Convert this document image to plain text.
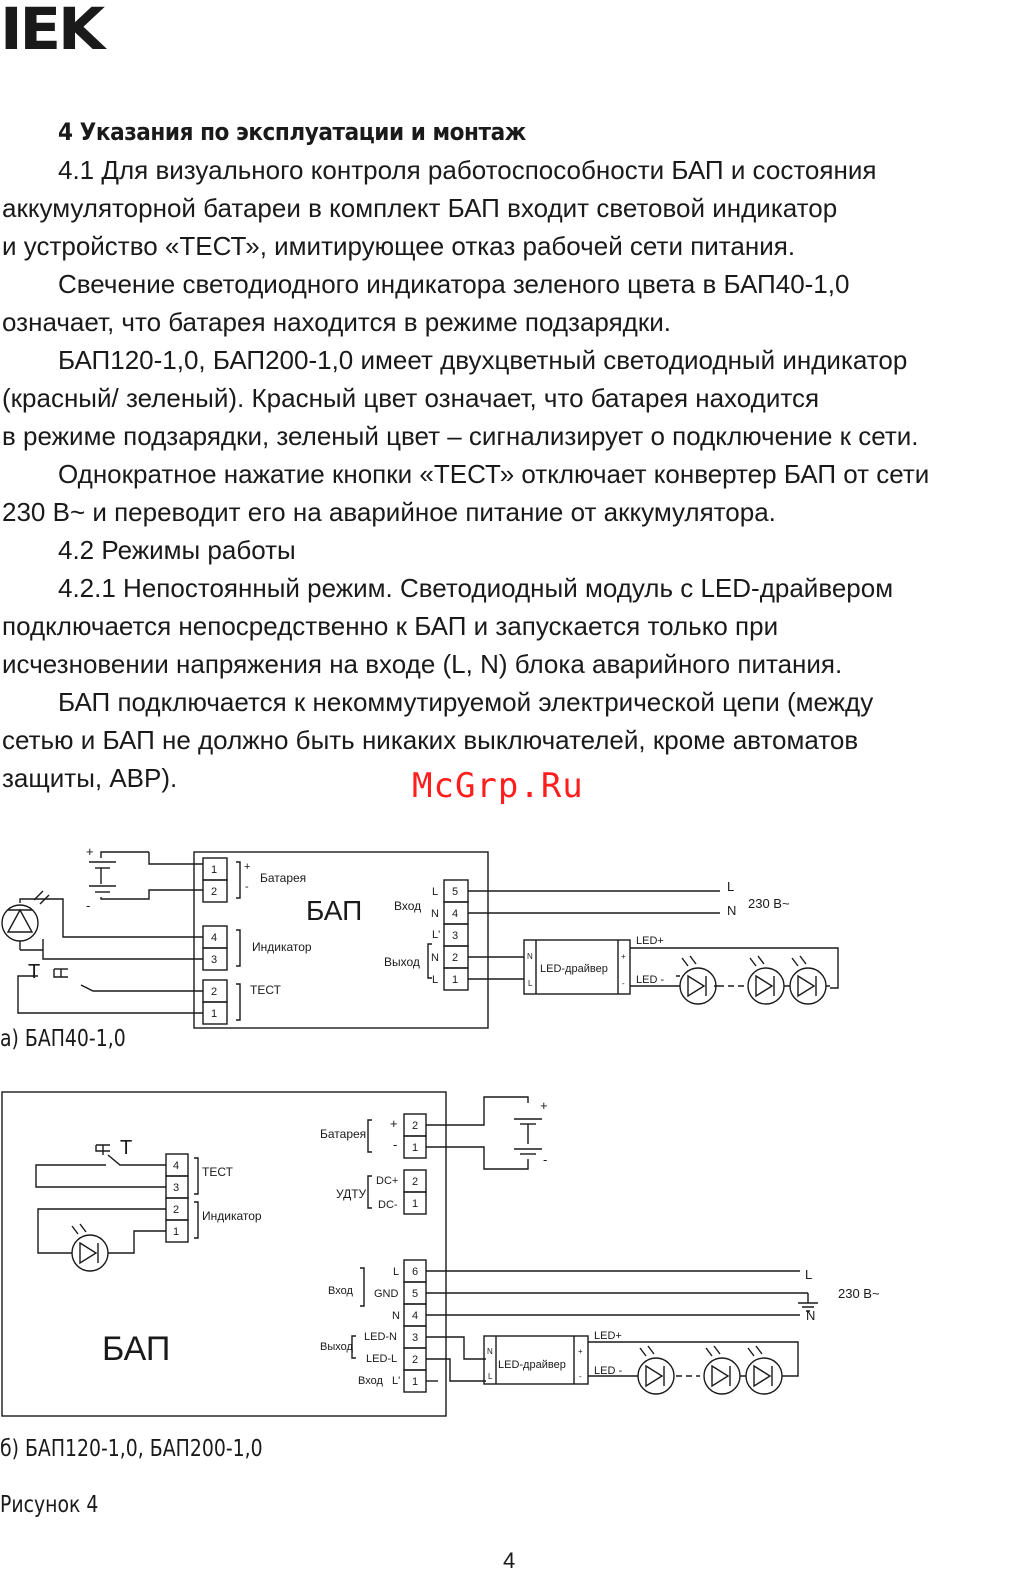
IEK
4 Указания по эксплуатации и монтаж
4.1 Для визуального контроля работоспособности БАП и состояния
аккумуляторной батареи в комплект БАП входит световой индикатор
и устройство «ТЕСТ», имитирующее отказ рабочей сети питания.
Свечение светодиодного индикатора зеленого цвета в БАП40-1,0
означает, что батарея находится в режиме подзарядки.
БАП120-1,0, БАП200-1,0 имеет двухцветный светодиодный индикатор
(красный/ зеленый). Красный цвет означает, что батарея находится
в режиме подзарядки, зеленый цвет – сигнализирует о подключение к сети.
Однократное нажатие кнопки «ТЕСТ» отключает конвертер БАП от сети
230 В~ и переводит его на аварийное питание от аккумулятора.
4.2 Режимы работы
4.2.1 Непостоянный режим. Светодиодный модуль с LED-драйвером
подключается непосредственно к БАП и запускается только при
исчезновении напряжения на входе (L, N) блока аварийного питания.
БАП подключается к некоммутируемой электрической цепи (между
сетью и БАП не должно быть никаких выключателей, кроме автоматов
защиты, АВР).	McGrp.Ru
+
-
Т
1
2
4
3
2
1
+
-
Батарея
Индикатор
ТЕСТ
БАП	Вход
Выход
L
N
L'
N
L
5
4
3
2
1
N
L
LED-драйвер
+
-
LED+
LED -
L
N 230 В~
а) БАП40-1,0
Т
4
3
2
1
ТЕСТ
Индикатор
БАП
Батарея
+
-
2
1
+
-
УДТУ
DC+
DC-
2
1
Вход
Выход
Вход
L
GND
N
LED-N
LED-L
L'
6
5
4
3
2
1
N
L
LED-драйвер
+
-
LED+
LED -
L
N
230 В~
б) БАП120-1,0, БАП200-1,0
Рисунок 4
4
